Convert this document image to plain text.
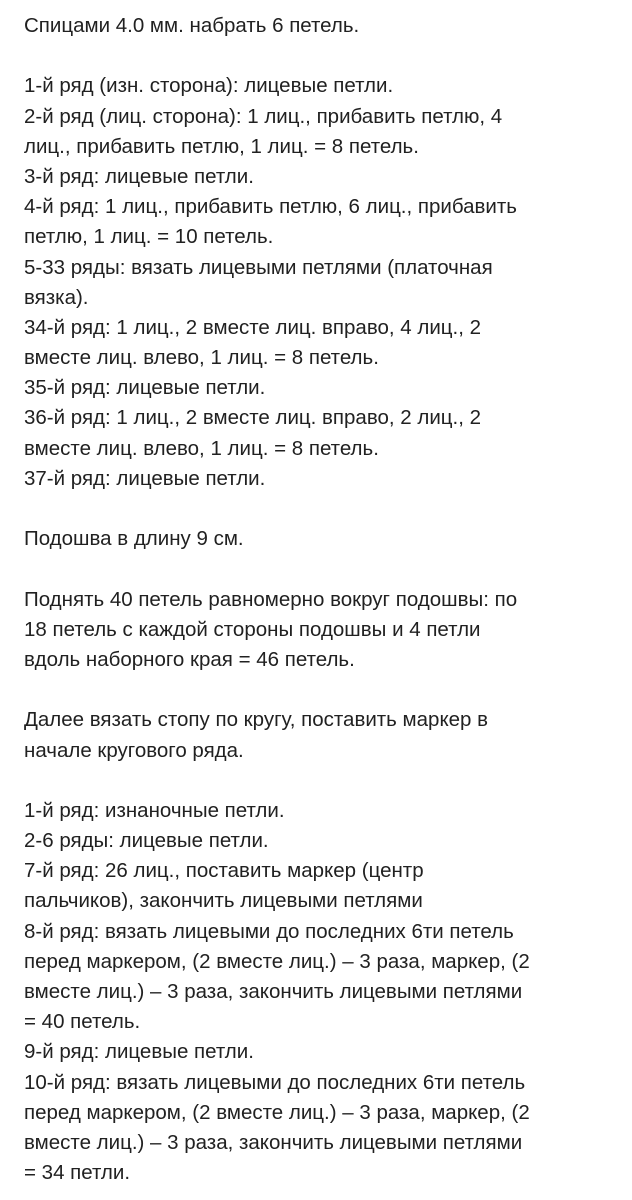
Спицами 4.0 мм. набрать 6 петель.
1-й ряд (изн. сторона): лицевые петли.
2-й ряд (лиц. сторона): 1 лиц., прибавить петлю, 4
лиц., прибавить петлю, 1 лиц. = 8 петель.
3-й ряд: лицевые петли.
4-й ряд: 1 лиц., прибавить петлю, 6 лиц., прибавить
петлю, 1 лиц. = 10 петель.
5-33 ряды: вязать лицевыми петлями (платочная
вязка).
34-й ряд: 1 лиц., 2 вместе лиц. вправо, 4 лиц., 2
вместе лиц. влево, 1 лиц. = 8 петель.
35-й ряд: лицевые петли.
36-й ряд: 1 лиц., 2 вместе лиц. вправо, 2 лиц., 2
вместе лиц. влево, 1 лиц. = 8 петель.
37-й ряд: лицевые петли.
Подошва в длину 9 см.
Поднять 40 петель равномерно вокруг подошвы: по
18 петель с каждой стороны подошвы и 4 петли
вдоль наборного края = 46 петель.
Далее вязать стопу по кругу, поставить маркер в
начале кругового ряда.
1-й ряд: изнаночные петли.
2-6 ряды: лицевые петли.
7-й ряд: 26 лиц., поставить маркер (центр
пальчиков), закончить лицевыми петлями
8-й ряд: вязать лицевыми до последних 6ти петель
перед маркером, (2 вместе лиц.) – 3 раза, маркер, (2
вместе лиц.) – 3 раза, закончить лицевыми петлями
= 40 петель.
9-й ряд: лицевые петли.
10-й ряд: вязать лицевыми до последних 6ти петель
перед маркером, (2 вместе лиц.) – 3 раза, маркер, (2
вместе лиц.) – 3 раза, закончить лицевыми петлями
= 34 петли.
